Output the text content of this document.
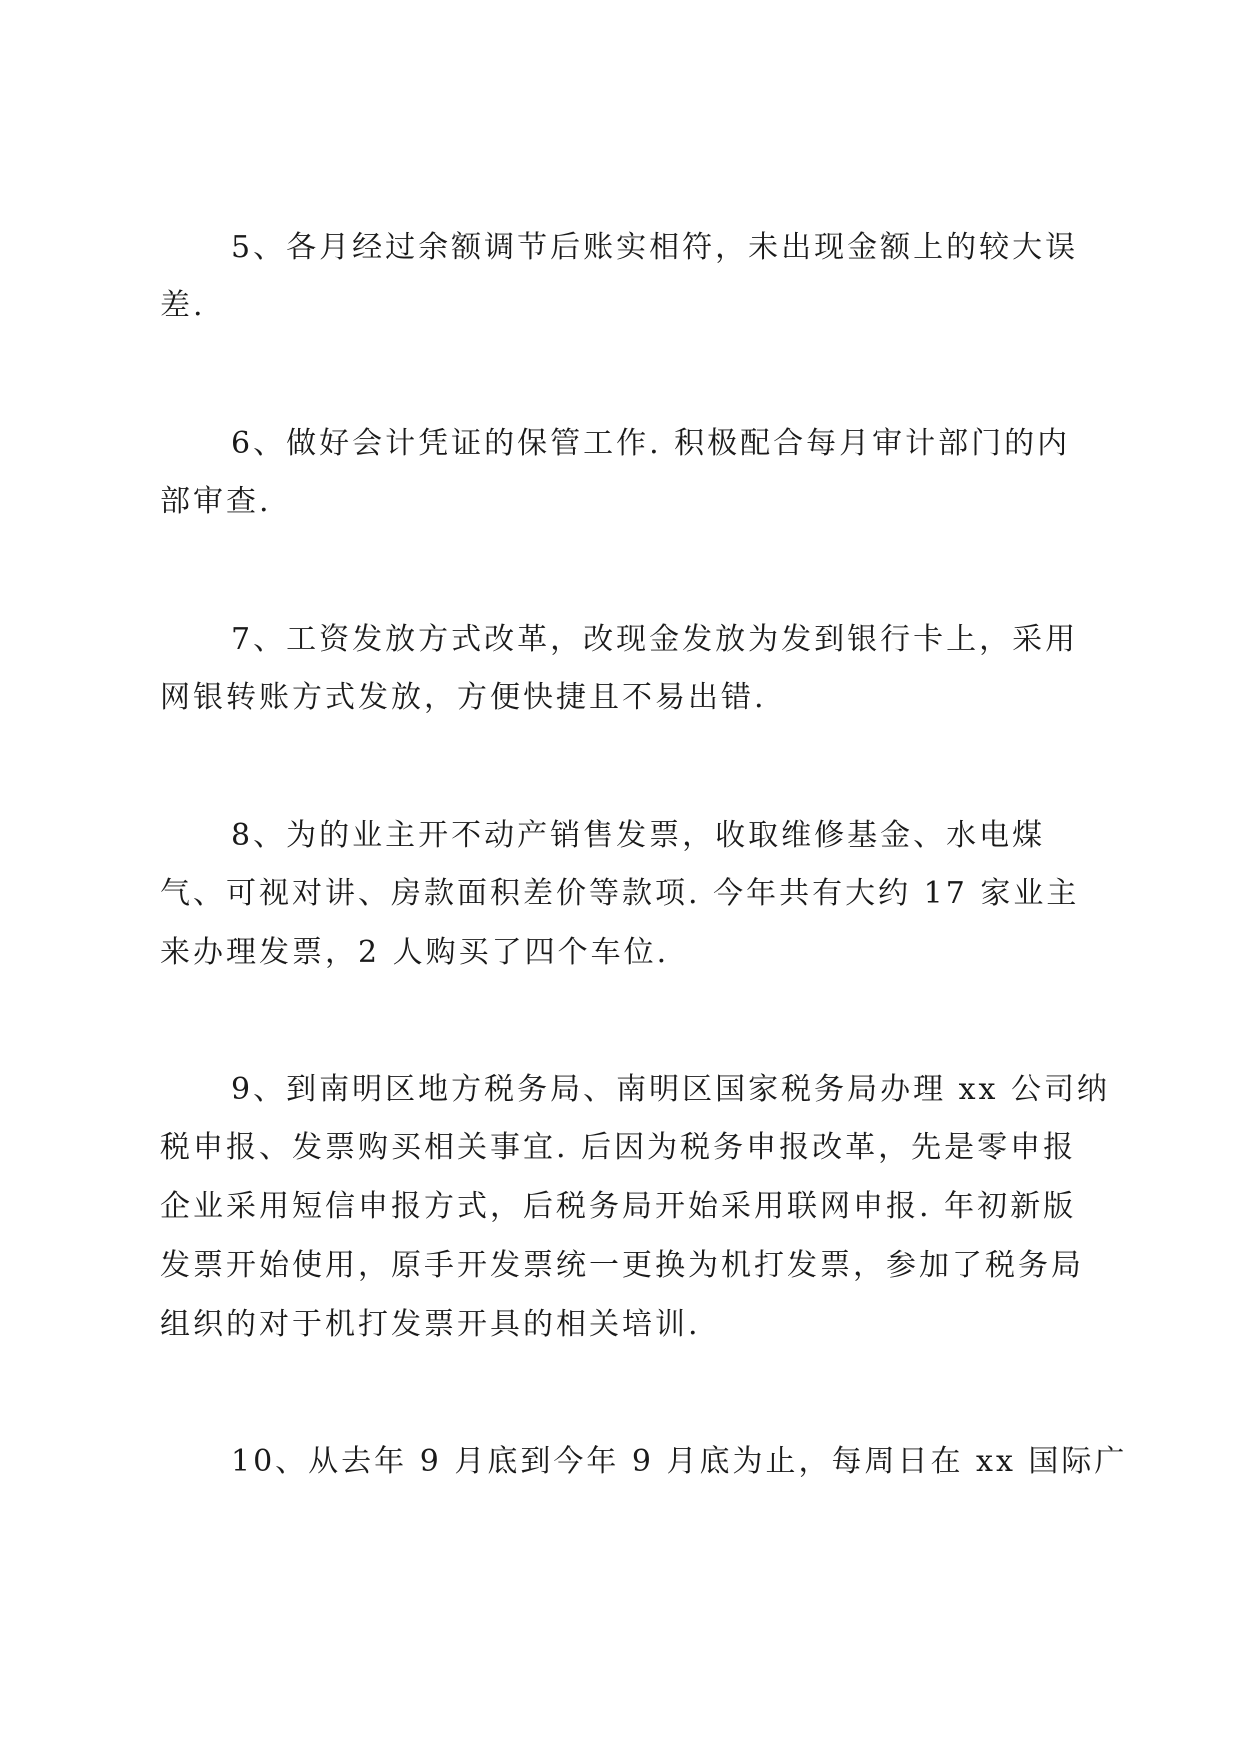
5、各月经过余额调节后账实相符，未出现金额上的较大误
差.
6、做好会计凭证的保管工作. 积极配合每月审计部门的内
部审查.
7、工资发放方式改革，改现金发放为发到银行卡上，采用
网银转账方式发放，方便快捷且不易出错.
8、为的业主开不动产销售发票，收取维修基金、水电煤
气、可视对讲、房款面积差价等款项. 今年共有大约 17 家业主
来办理发票，2 人购买了四个车位.
9、到南明区地方税务局、南明区国家税务局办理 xx 公司纳
税申报、发票购买相关事宜. 后因为税务申报改革，先是零申报
企业采用短信申报方式，后税务局开始采用联网申报. 年初新版
发票开始使用，原手开发票统一更换为机打发票，参加了税务局
组织的对于机打发票开具的相关培训.
10、从去年 9 月底到今年 9 月底为止，每周日在 xx 国际广
